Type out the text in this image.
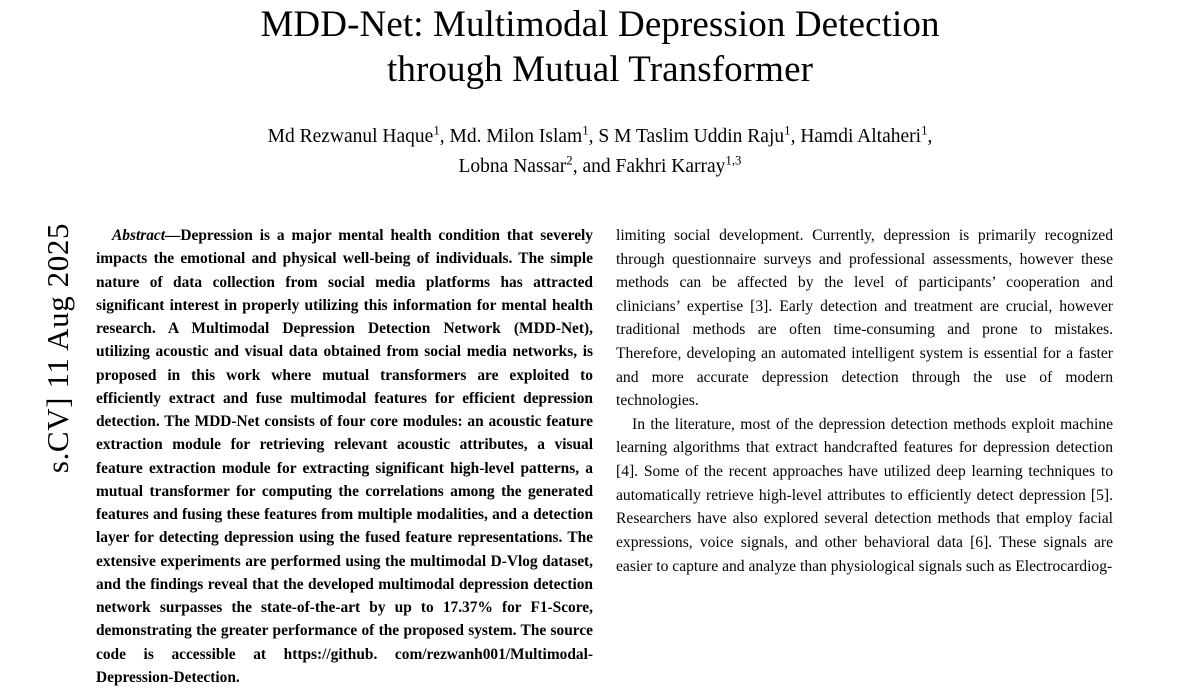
s.CV] 11 Aug 2025
MDD-Net: Multimodal Depression Detection
through Mutual Transformer
Md Rezwanul Haque$^1$, Md. Milon Islam$^1$, S M Taslim Uddin Raju$^1$, Hamdi Altaheri$^1$,
Lobna Nassar$^2$, and Fakhri Karray$^{1,3}$

Abstract—Depression is a major mental health condition that severely impacts the emotional and physical well-being of individuals. The simple nature of data collection from social media platforms has attracted significant interest in properly utilizing this information for mental health research. A Multimodal Depression Detection Network (MDD-Net), utilizing acoustic and visual data obtained from social media networks, is proposed in this work where mutual transformers are exploited to efficiently extract and fuse multimodal features for efficient depression detection. The MDD-Net consists of four core modules: an acoustic feature extraction module for retrieving relevant acoustic attributes, a visual feature extraction module for extracting significant high-level patterns, a mutual transformer for computing the correlations among the generated features and fusing these features from multiple modalities, and a detection layer for detecting depression using the fused feature representations. The extensive experiments are performed using the multimodal D-Vlog dataset, and the findings reveal that the developed multimodal depression detection network surpasses the state-of-the-art by up to 17.37% for F1-Score, demonstrating the greater performance of the proposed system. The source code is accessible at https://github. com/rezwanh001/Multimodal-Depression-Detection.

limiting social development. Currently, depression is primarily recognized through questionnaire surveys and professional assessments, however these methods can be affected by the level of participants’ cooperation and clinicians’ expertise [3]. Early detection and treatment are crucial, however traditional methods are often time-consuming and prone to mistakes. Therefore, developing an automated intelligent system is essential for a faster and more accurate depression detection through the use of modern technologies.

In the literature, most of the depression detection methods exploit machine learning algorithms that extract handcrafted features for depression detection [4]. Some of the recent approaches have utilized deep learning techniques to automatically retrieve high-level attributes to efficiently detect depression [5]. Researchers have also explored several detection methods that employ facial expressions, voice signals, and other behavioral data [6]. These signals are easier to capture and analyze than physiological signals such as Electrocardiog-
